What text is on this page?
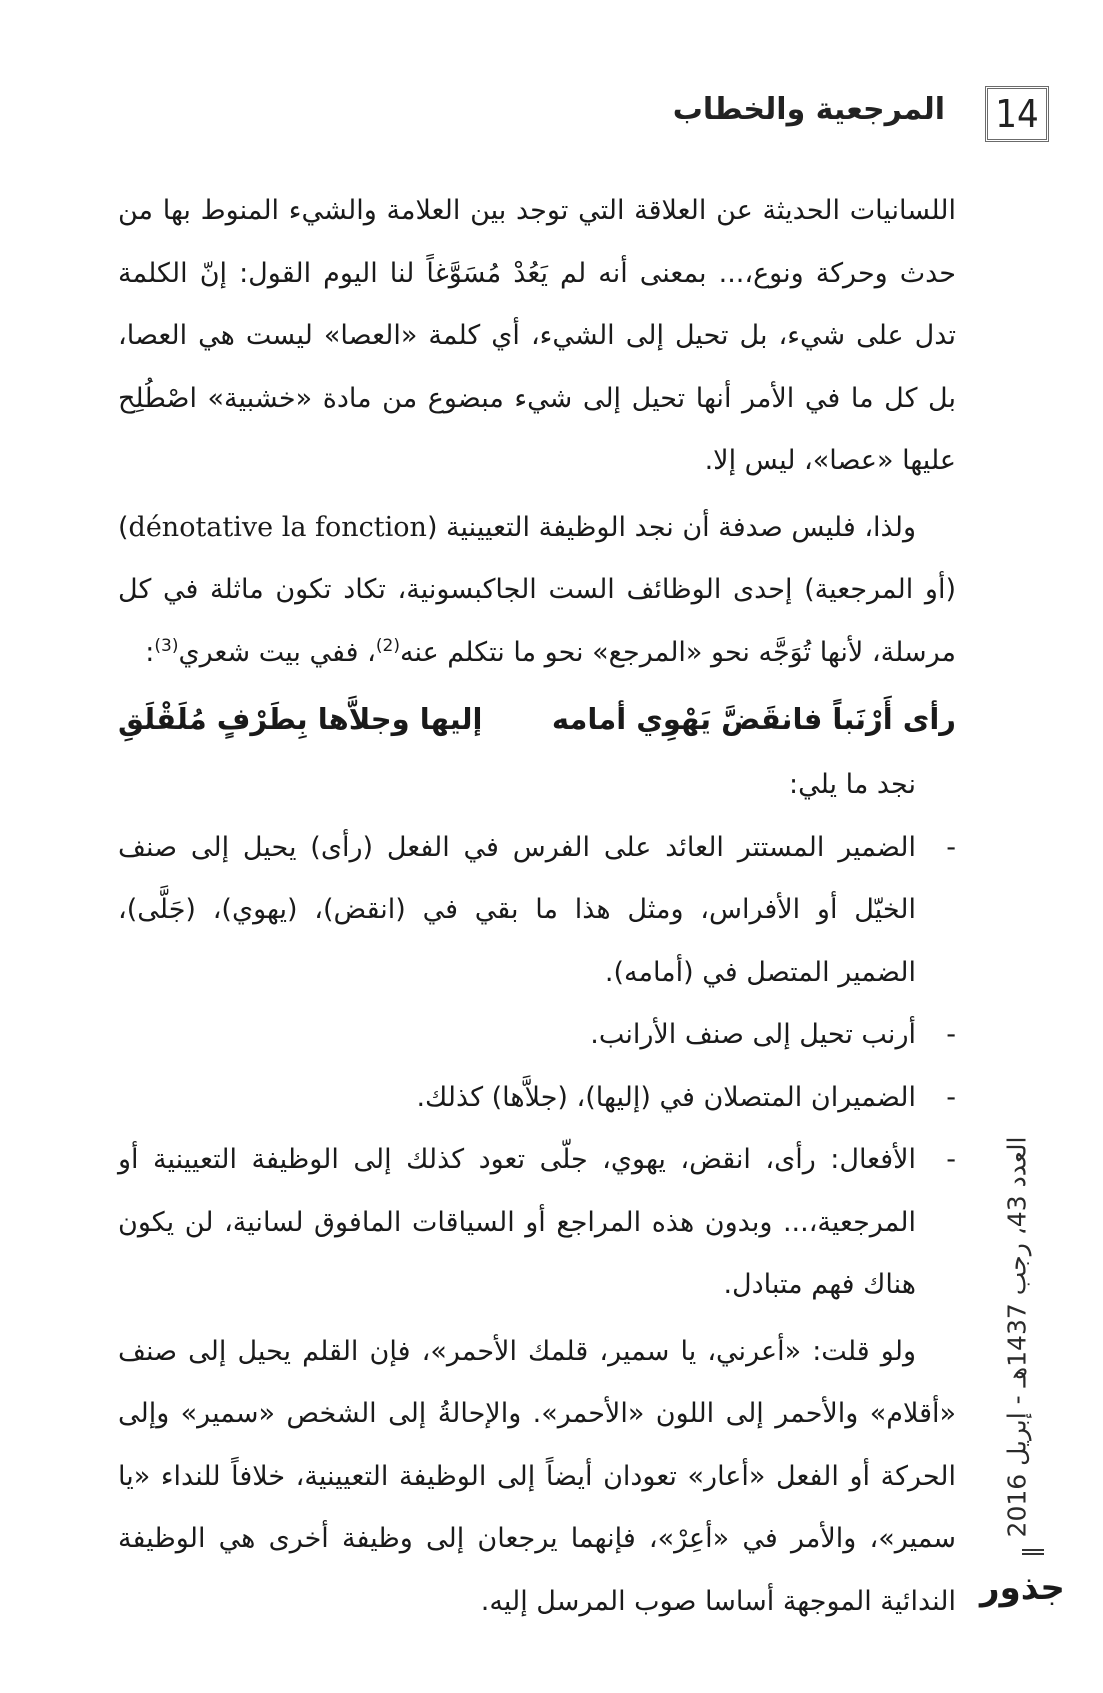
14
المرجعية والخطاب

اللسانيات الحديثة عن العلاقة التي توجد بين العلامة والشيء المنوط بها من حدث وحركة ونوع،... بمعنى أنه لم يَعُدْ مُسَوَّغاً لنا اليوم القول: إنّ الكلمة تدل على شيء، بل تحيل إلى الشيء، أي كلمة «العصا» ليست هي العصا، بل كل ما في الأمر أنها تحيل إلى شيء مبضوع من مادة «خشبية» اصْطُلِح عليها «عصا»، ليس إلا.

ولذا، فليس صدفة أن نجد الوظيفة التعيينية (la fonction dénotative) (أو المرجعية) إحدى الوظائف الست الجاكبسونية، تكاد تكون ماثلة في كل مرسلة، لأنها تُوَجَّه نحو «المرجع» نحو ما نتكلم عنه$^{(2)}$، ففي بيت شعري$^{(3)}$:

رأى أَرْنَباً فانقَضَّ يَهْوِي أمامه
إليها وجلاَّها بِطَرْفٍ مُلَقْلَقِ

نجد ما يلي:

-
الضمير المستتر العائد على الفرس في الفعل (رأى) يحيل إلى صنف الخيّل أو الأفراس، ومثل هذا ما بقي في (انقض)، (يهوي)، (جَلَّى)، الضمير المتصل في (أمامه).

-
أرنب تحيل إلى صنف الأرانب.

-
الضميران المتصلان في (إليها)، (جلاَّها) كذلك.

-
الأفعال: رأى، انقض، يهوي، جلّى تعود كذلك إلى الوظيفة التعيينية أو المرجعية،... وبدون هذه المراجع أو السياقات المافوق لسانية، لن يكون هناك فهم متبادل.

ولو قلت: «أعرني، يا سمير، قلمك الأحمر»، فإن القلم يحيل إلى صنف «أقلام» والأحمر إلى اللون «الأحمر». والإحالةُ إلى الشخص «سمير» وإلى الحركة أو الفعل «أعار» تعودان أيضاً إلى الوظيفة التعيينية، خلافاً للنداء «يا سمير»، والأمر في «أعِرْ»، فإنهما يرجعان إلى وظيفة أخرى هي الوظيفة الندائية الموجهة أساسا صوب المرسل إليه.

العدد 43، رجب 1437هـ - إبريل 2016
جذور
